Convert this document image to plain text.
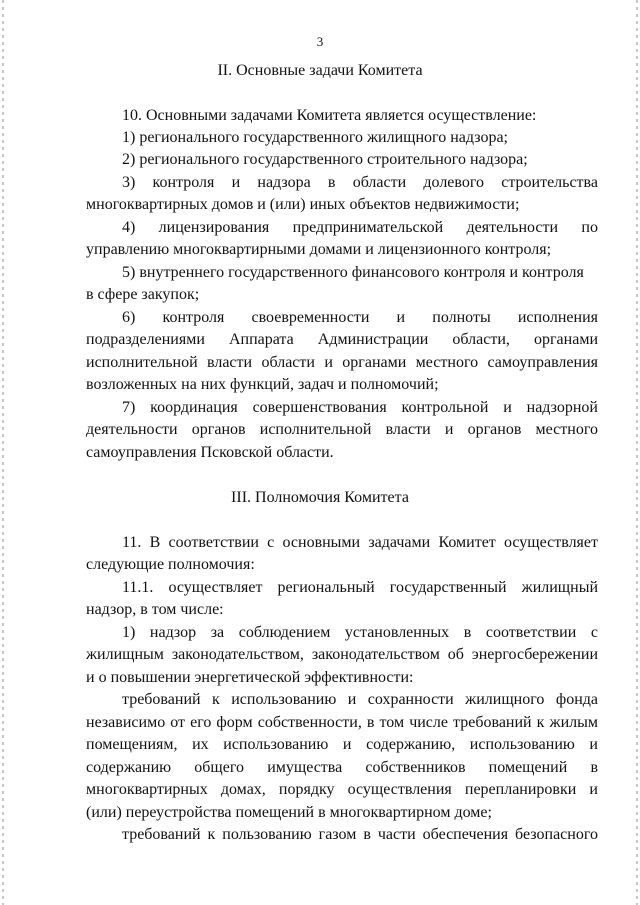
3
II. Основные задачи Комитета
10. Основными задачами Комитета является осуществление:
1) регионального государственного жилищного надзора;
2) регионального государственного строительного надзора;
3) контроля и надзора в области долевого строительства
многоквартирных домов и (или) иных объектов недвижимости;
4) лицензирования предпринимательской деятельности по
управлению многоквартирными домами и лицензионного контроля;
5) внутреннего государственного финансового контроля и контроля
в сфере закупок;
6) контроля своевременности и полноты исполнения
подразделениями Аппарата Администрации области, органами
исполнительной власти области и органами местного самоуправления
возложенных на них функций, задач и полномочий;
7) координация совершенствования контрольной и надзорной
деятельности органов исполнительной власти и органов местного
самоуправления Псковской области.
III. Полномочия Комитета
11. В соответствии с основными задачами Комитет осуществляет
следующие полномочия:
11.1. осуществляет региональный государственный жилищный
надзор, в том числе:
1) надзор за соблюдением установленных в соответствии с
жилищным законодательством, законодательством об энергосбережении
и о повышении энергетической эффективности:
требований к использованию и сохранности жилищного фонда
независимо от его форм собственности, в том числе требований к жилым
помещениям, их использованию и содержанию, использованию и
содержанию общего имущества собственников помещений в
многоквартирных домах, порядку осуществления перепланировки и
(или) переустройства помещений в многоквартирном доме;
требований к пользованию газом в части обеспечения безопасного
